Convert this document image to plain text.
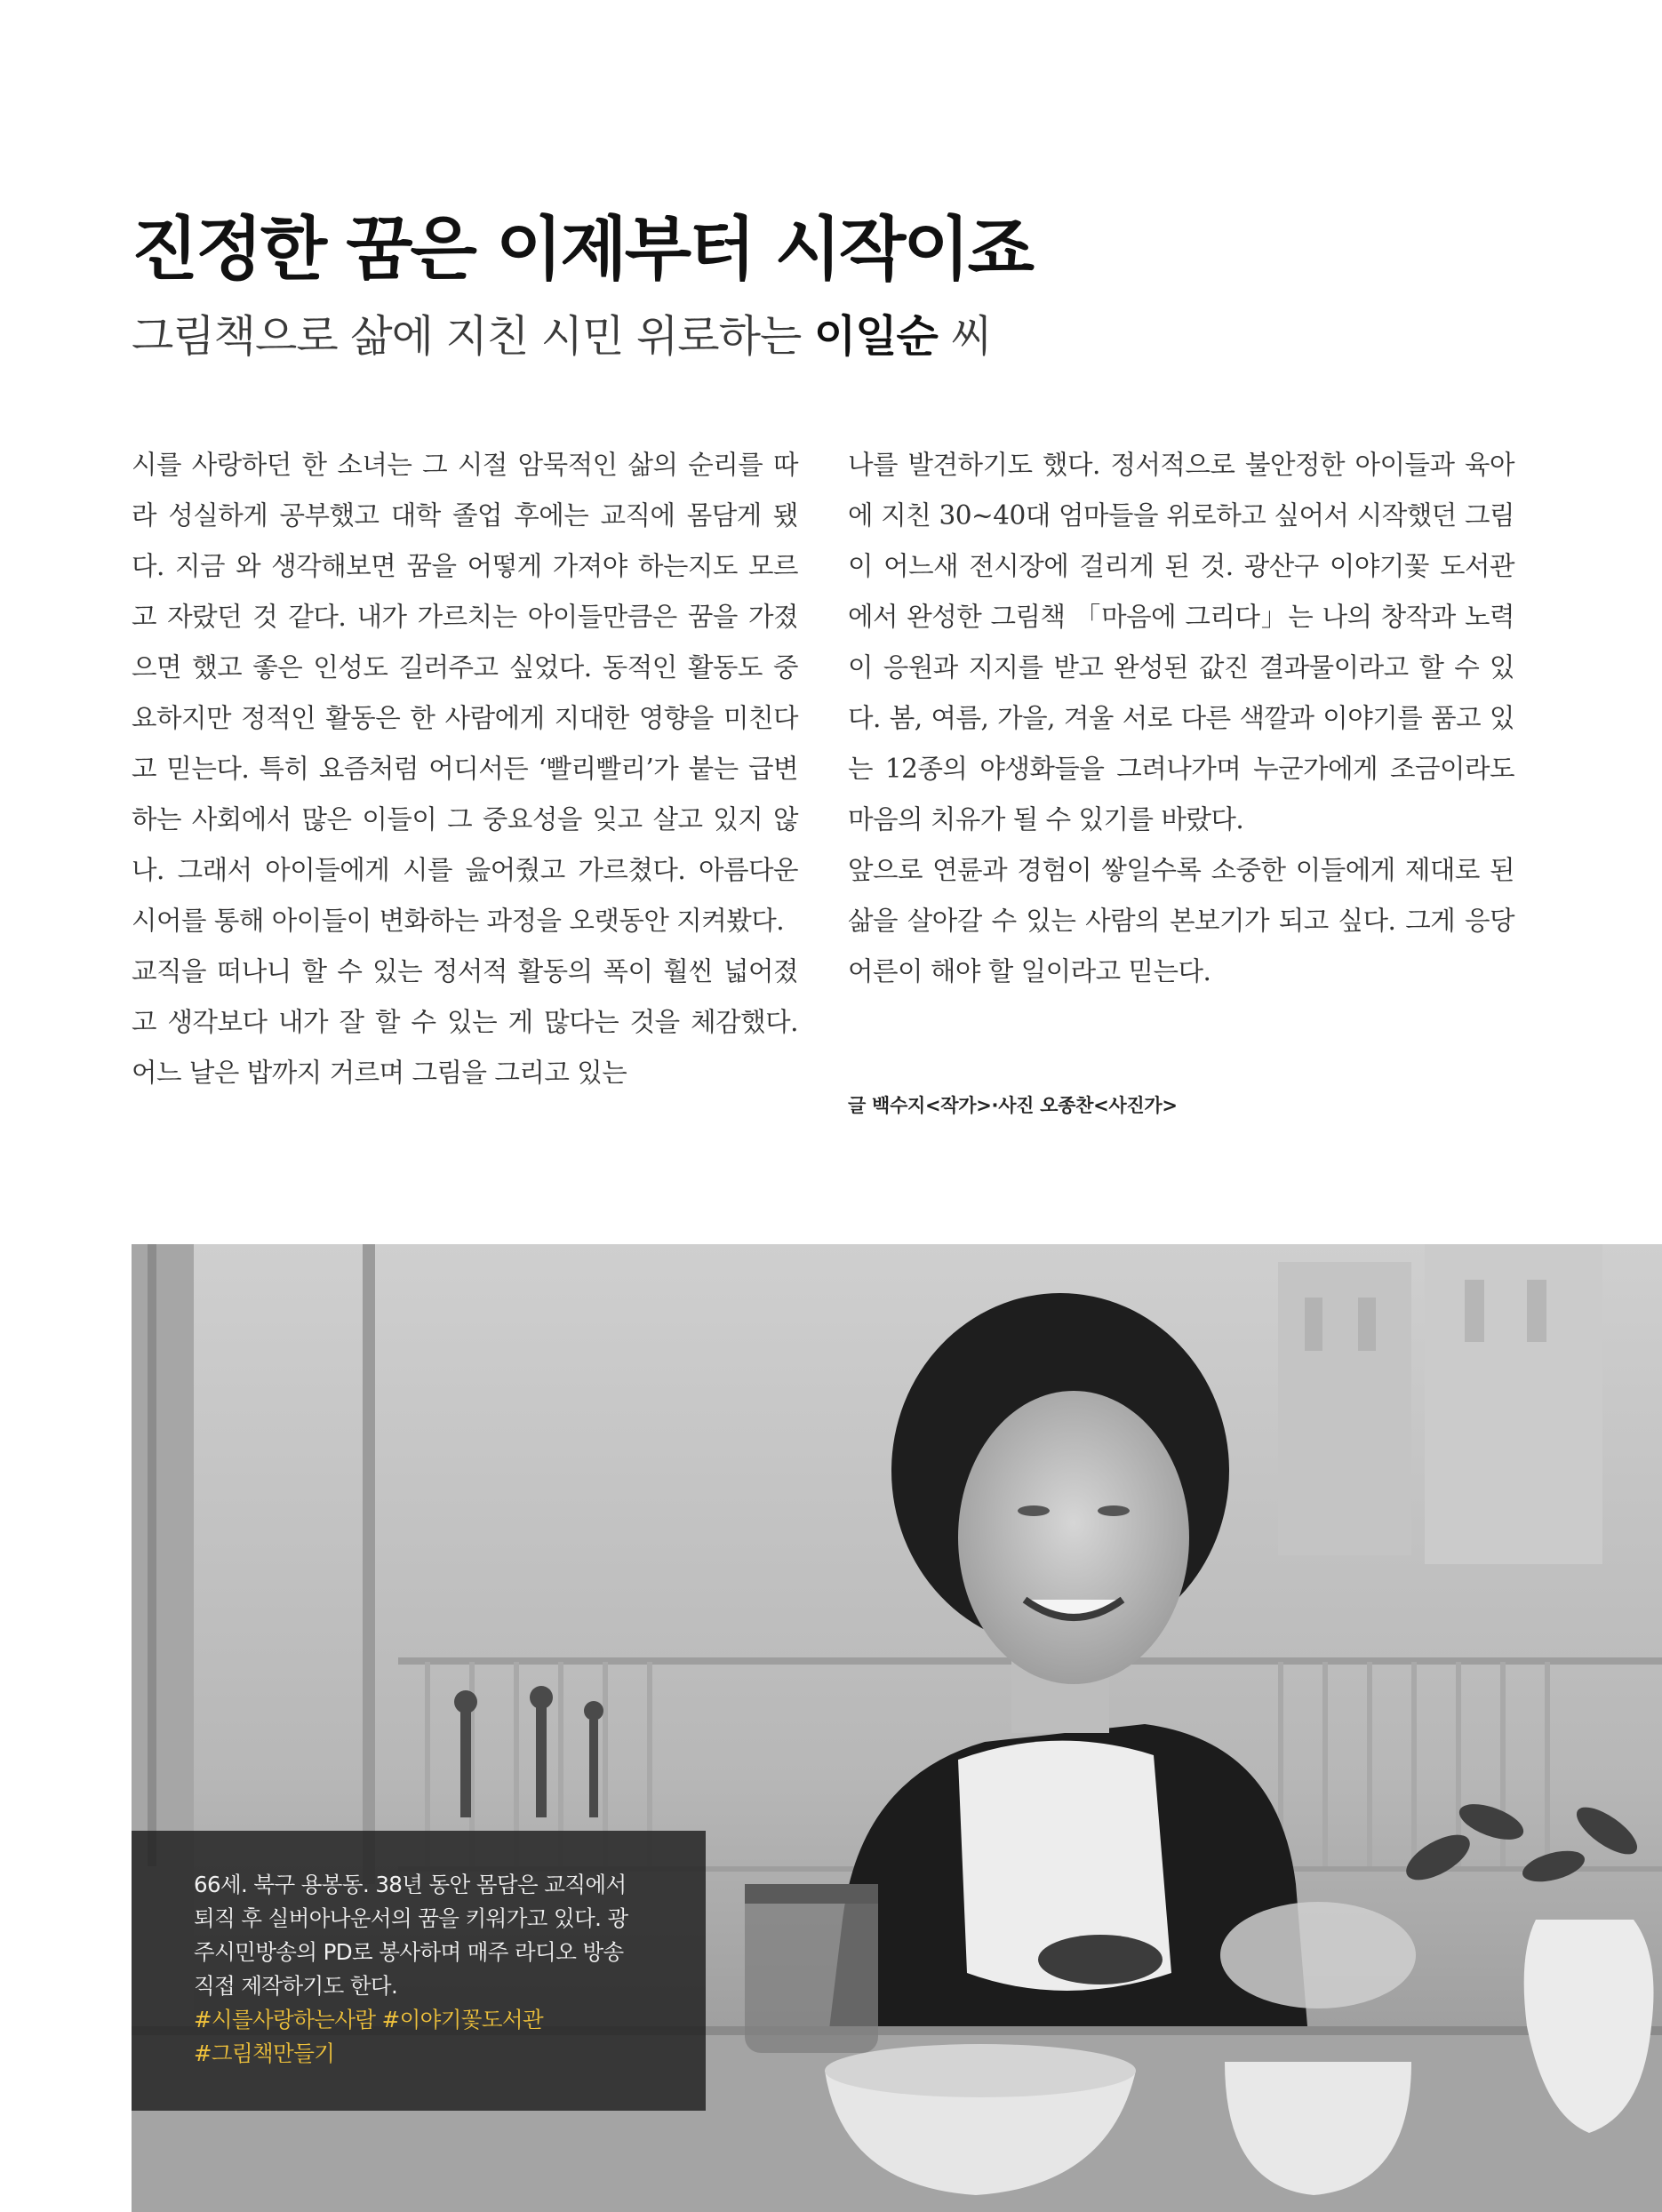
진정한 꿈은 이제부터 시작이죠
그림책으로 삶에 지친 시민 위로하는 이일순 씨

시를 사랑하던 한 소녀는 그 시절 암묵적인 삶의 순리를 따라 성실하게 공부했고 대학 졸업 후에는 교직에 몸담게 됐다. 지금 와 생각해보면 꿈을 어떻게 가져야 하는지도 모르고 자랐던 것 같다. 내가 가르치는 아이들만큼은 꿈을 가졌으면 했고 좋은 인성도 길러주고 싶었다. 동적인 활동도 중요하지만 정적인 활동은 한 사람에게 지대한 영향을 미친다고 믿는다. 특히 요즘처럼 어디서든 ‘빨리빨리’가 붙는 급변하는 사회에서 많은 이들이 그 중요성을 잊고 살고 있지 않나. 그래서 아이들에게 시를 읊어줬고 가르쳤다. 아름다운 시어를 통해 아이들이 변화하는 과정을 오랫동안 지켜봤다.

교직을 떠나니 할 수 있는 정서적 활동의 폭이 훨씬 넓어졌고 생각보다 내가 잘 할 수 있는 게 많다는 것을 체감했다. 어느 날은 밥까지 거르며 그림을 그리고 있는

나를 발견하기도 했다. 정서적으로 불안정한 아이들과 육아에 지친 30~40대 엄마들을 위로하고 싶어서 시작했던 그림이 어느새 전시장에 걸리게 된 것. 광산구 이야기꽃 도서관에서 완성한 그림책 「마음에 그리다」는 나의 창작과 노력이 응원과 지지를 받고 완성된 값진 결과물이라고 할 수 있다. 봄, 여름, 가을, 겨울 서로 다른 색깔과 이야기를 품고 있는 12종의 야생화들을 그려나가며 누군가에게 조금이라도 마음의 치유가 될 수 있기를 바랐다.

앞으로 연륜과 경험이 쌓일수록 소중한 이들에게 제대로 된 삶을 살아갈 수 있는 사람의 본보기가 되고 싶다. 그게 응당 어른이 해야 할 일이라고 믿는다.

글 백수지<작가>·사진 오종찬<사진가>

66세. 북구 용봉동. 38년 동안 몸담은 교직에서

퇴직 후 실버아나운서의 꿈을 키워가고 있다. 광

주시민방송의 PD로 봉사하며 매주 라디오 방송

직접 제작하기도 한다.

#시를사랑하는사람 #이야기꽃도서관

#그림책만들기
